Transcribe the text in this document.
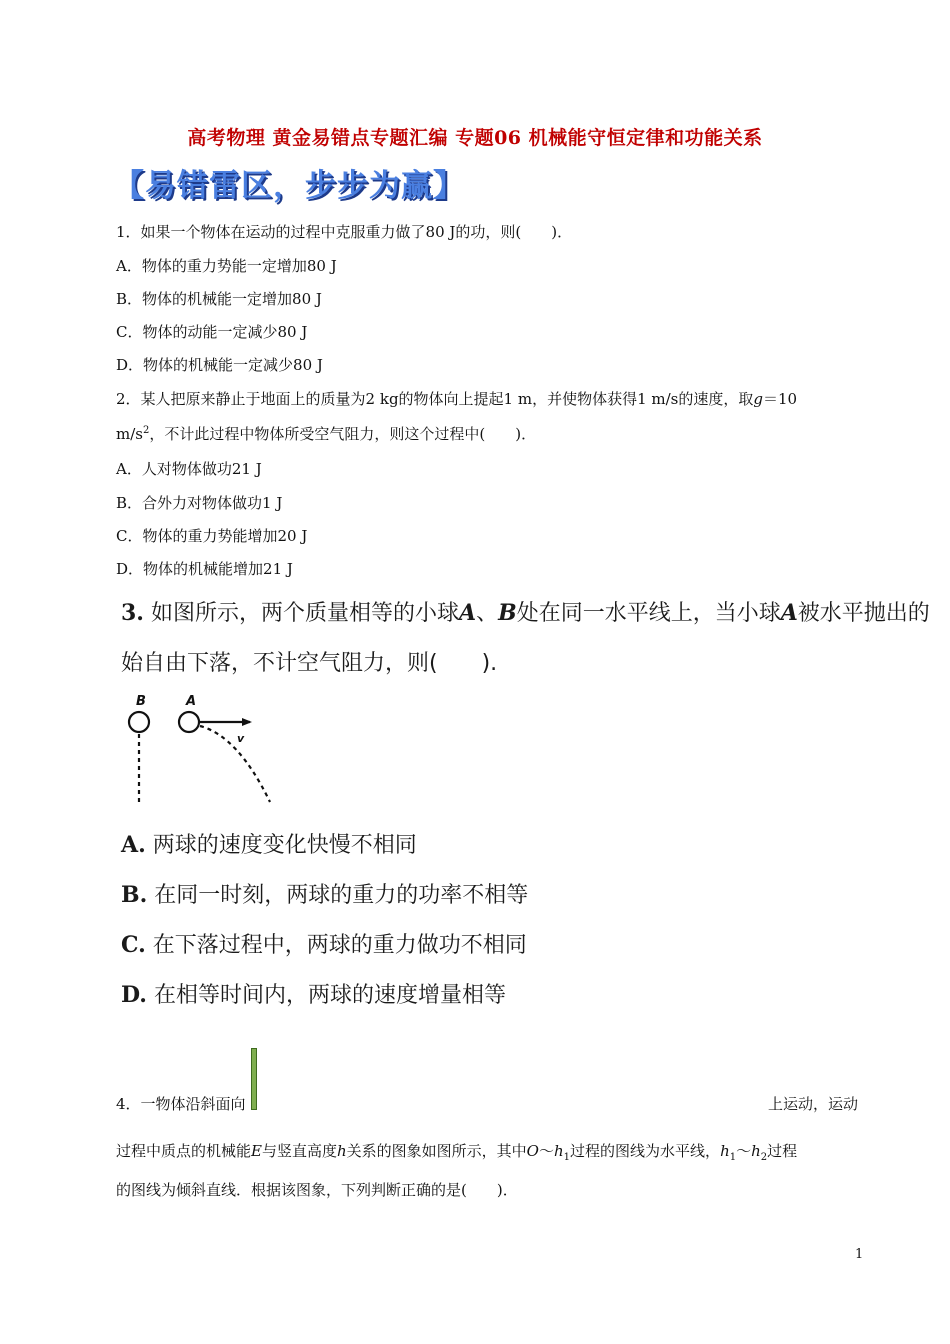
高考物理 黄金易错点专题汇编 专题06 机械能守恒定律和功能关系
【易错雷区，步步为赢】
1．如果一个物体在运动的过程中克服重力做了80 J的功，则(　　)．
A．物体的重力势能一定增加80 J
B．物体的机械能一定增加80 J
C．物体的动能一定减少80 J
D．物体的机械能一定减少80 J
2．某人把原来静止于地面上的质量为2 kg的物体向上提起1 m，并使物体获得1 m/s的速度，取g＝10
$m/s^2$，不计此过程中物体所受空气阻力，则这个过程中(　　)．
A．人对物体做功21 J
B．合外力对物体做功1 J
C．物体的重力势能增加20 J
D．物体的机械能增加21 J
3. 如图所示，两个质量相等的小球A、B处在同一水平线上，当小球A被水平抛出的
始自由下落，不计空气阻力，则(　　).
B	A
v
A. 两球的速度变化快慢不相同
B. 在同一时刻，两球的重力的功率不相等
C. 在下落过程中，两球的重力做功不相同
D. 在相等时间内，两球的速度增量相等
4．一物体沿斜面向	上运动，运动
过程中质点的机械能E与竖直高度h关系的图象如图所示，其中$O\sim h_1$过程的图线为水平线，$h_1\sim h_2$过程
的图线为倾斜直线．根据该图象，下列判断正确的是(　　)．
1
